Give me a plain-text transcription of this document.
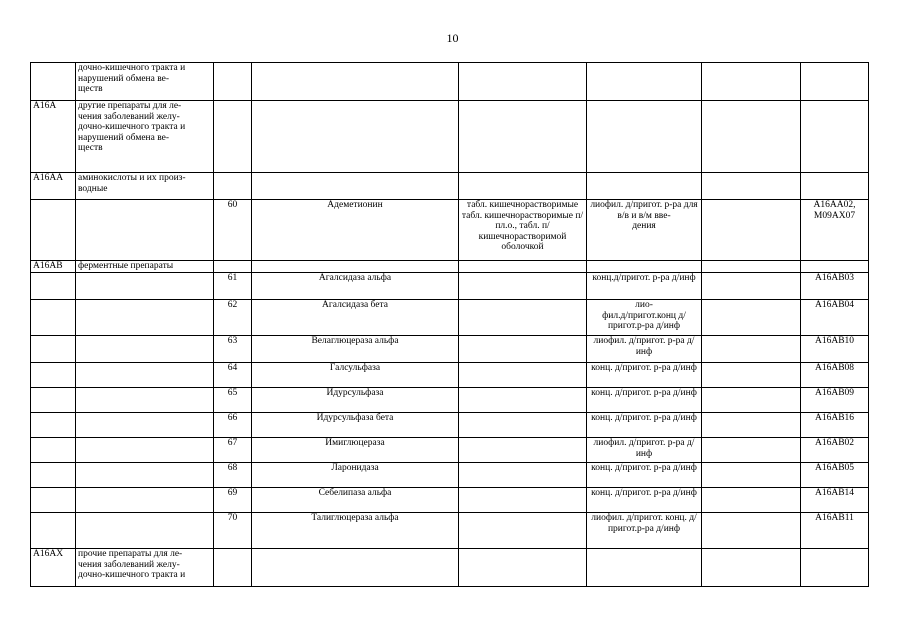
10
	дочно-кишечного тракта и нарушений обмена ве-
ществ						
A16A	другие препараты для ле-
чения заболеваний желу-
дочно-кишечного тракта и нарушений обмена ве-
ществ						
A16AA	аминокислоты и их произ-
водные						
		60	Адеметионин	табл. кишечнорастворимые табл. кишечнорастворимые п/пл.о., табл. п/кишечнорастворимой оболочкой	лиофил. д/пригот. р-ра для в/в и в/м вве-
дения		A16AA02,
M09AX07
A16AB	ферментные препараты						
		61	Агалсидаза альфа		конц.д/пригот. р-ра д/инф		A16AB03
		62	Агалсидаза бета		лио-
фил.д/пригот.конц д/пригот.р-ра д/инф		A16AB04
		63	Велаглюцераза альфа		лиофил. д/пригот. р-ра д/инф		A16AB10
		64	Галсульфаза		конц. д/пригот. р-ра д/инф		A16AB08
		65	Идурсульфаза		конц. д/пригот. р-ра д/инф		A16AB09
		66	Идурсульфаза бета		конц. д/пригот. р-ра д/инф		A16AB16
		67	Имиглюцераза		лиофил. д/пригот. р-ра д/инф		A16AB02
		68	Ларонидаза		конц. д/пригот. р-ра д/инф		A16AB05
		69	Себелипаза альфа		конц. д/пригот. р-ра д/инф		A16AB14
		70	Талиглюцераза альфа		лиофил. д/пригот. конц. д/пригот.р-ра д/инф		A16AB11
A16AX	прочие препараты для ле-
чения заболеваний желу-
дочно-кишечного тракта и						
